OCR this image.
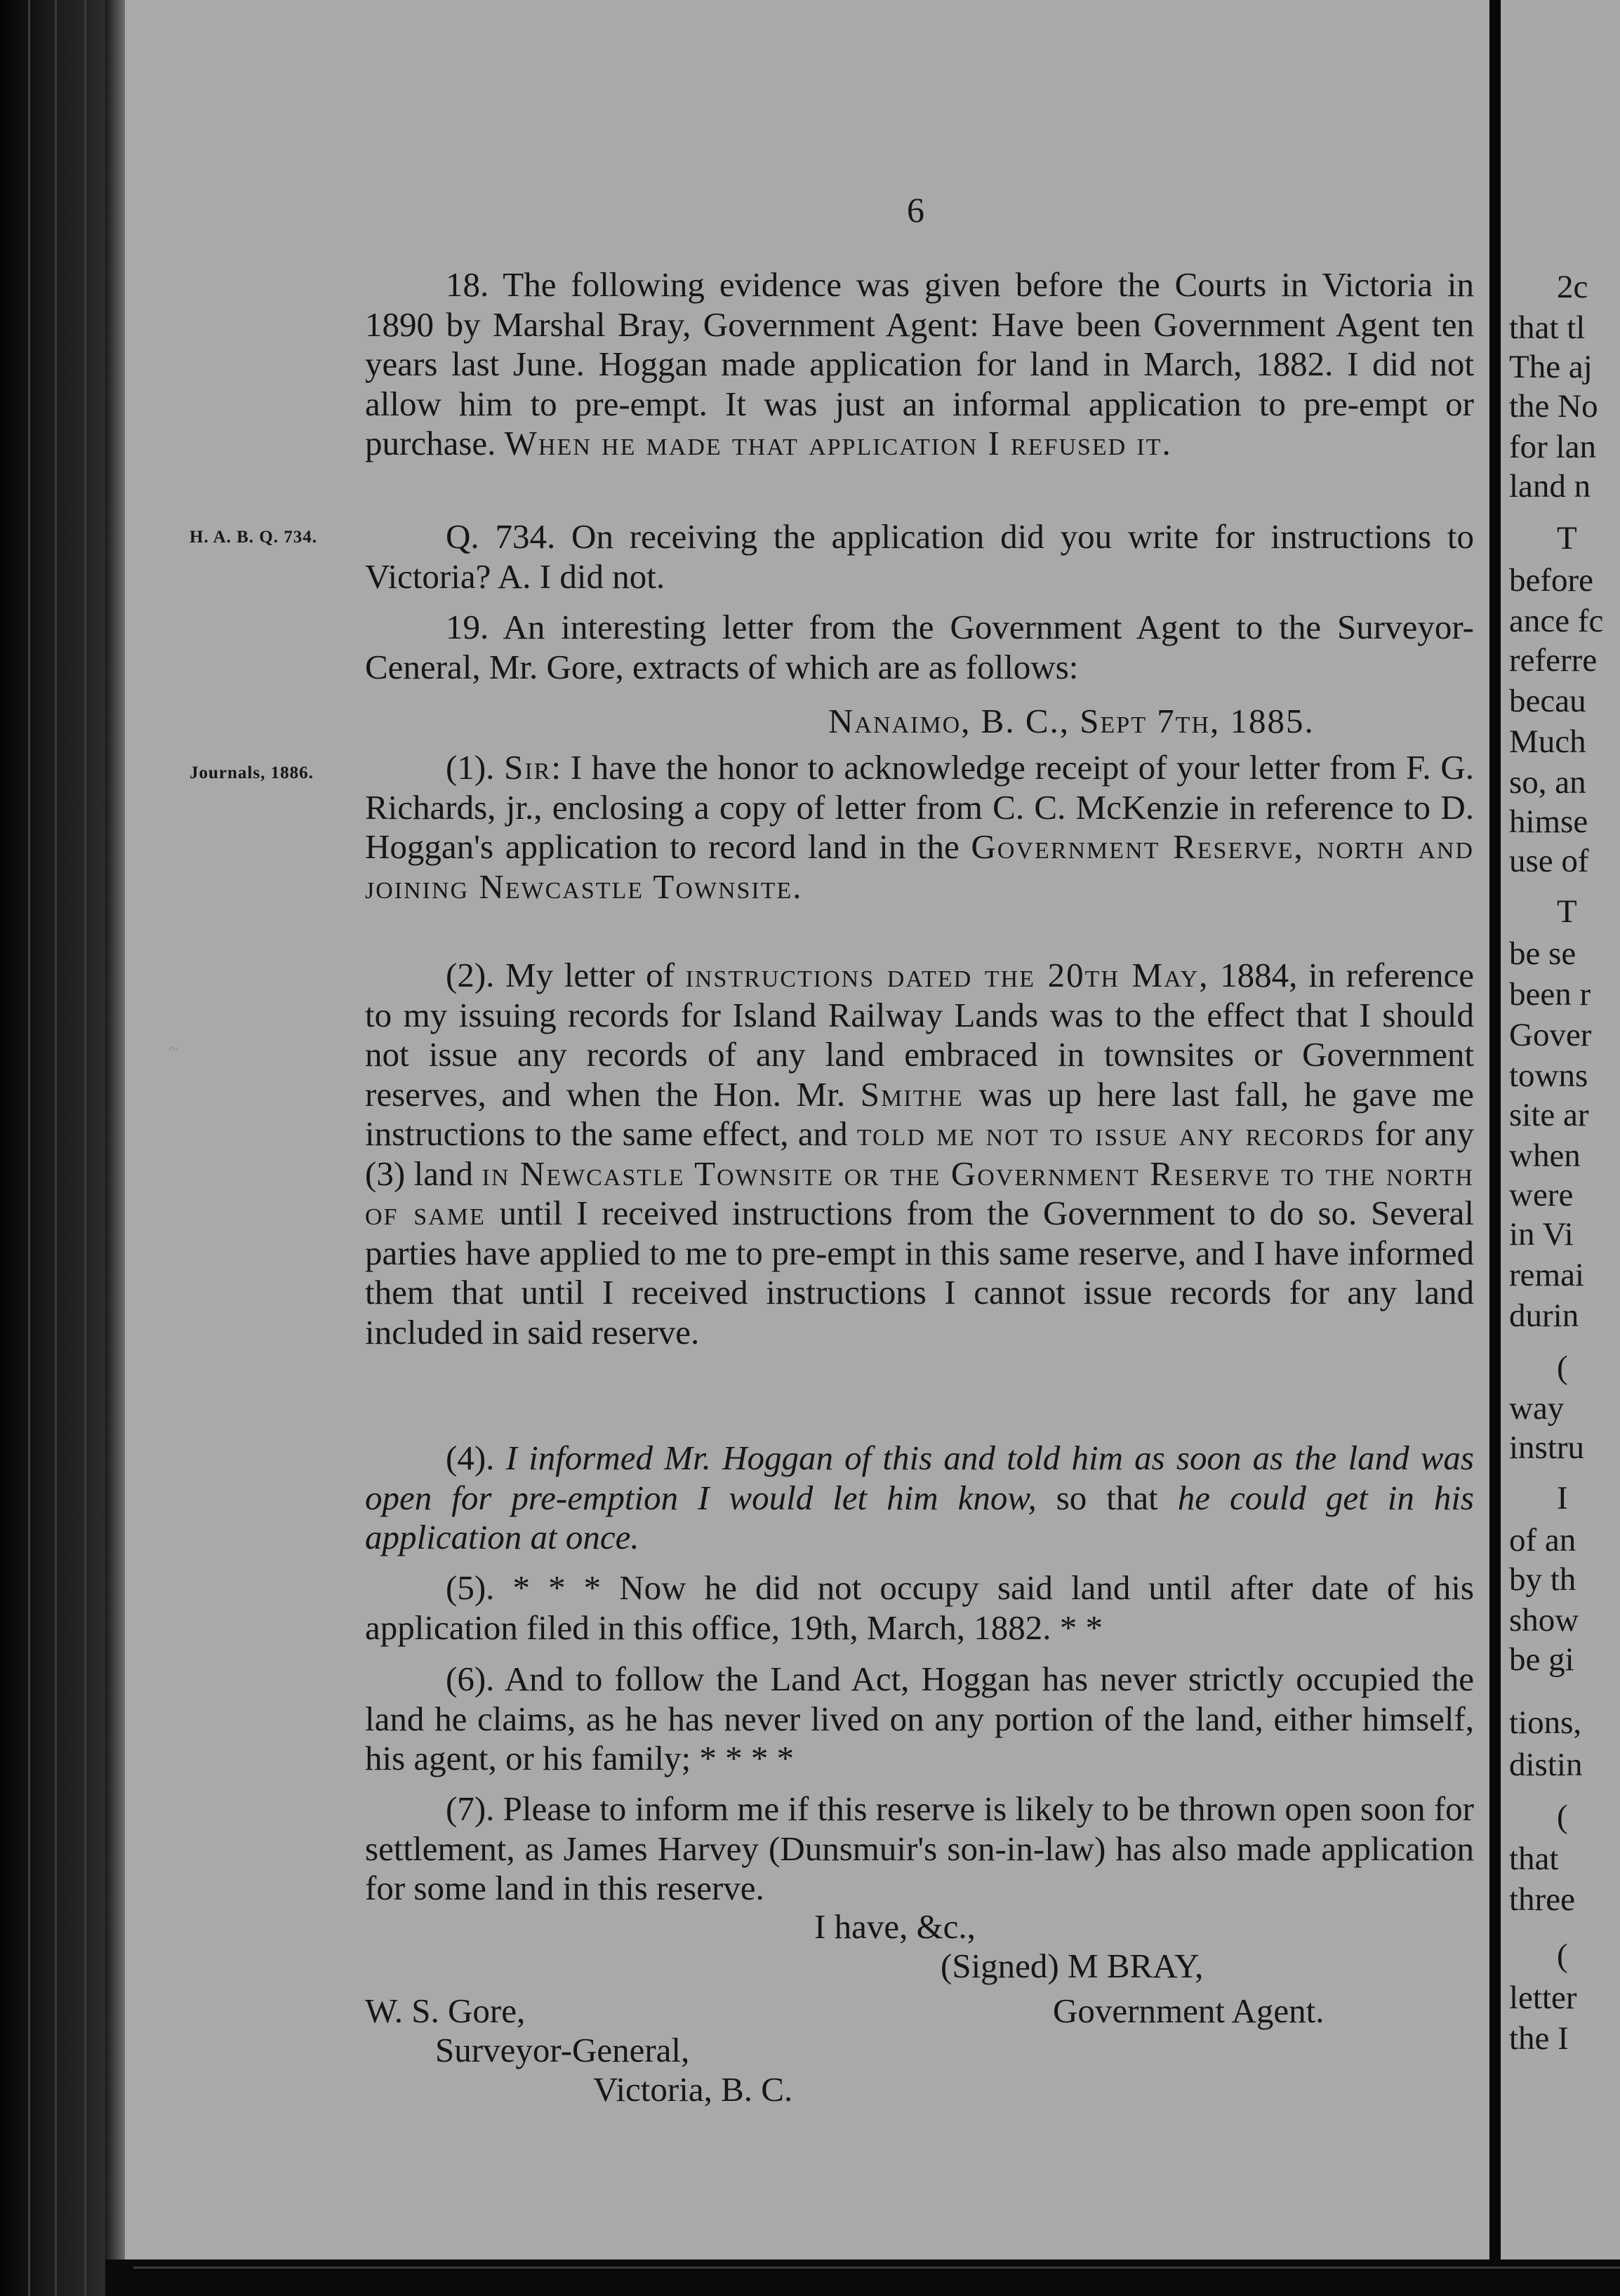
2c
that tl
The aj
the No
for lan
land n
T
before
ance fc
referre
becau
Much
so, an
himse
use of
T
be se
been r
Gover
towns
site ar
when
were
in Vi
remai
durin
(
way
instru
I
of an
by th
show
be gi
tions,
distin
(
that
three
(
letter
the I
~
6
H. A. B. Q. 734.
Journals, 1886.

18. The following evidence was given before the Courts in Victoria in 1890 by Marshal Bray, Government Agent: Have been Government Agent ten years last June. Hoggan made application for land in March, 1882. I did not allow him to pre-empt. It was just an informal application to pre-empt or purchase. When he made that application I refused it.

Q. 734. On receiving the application did you write for instructions to Victoria? A. I did not.

19. An interesting letter from the Government Agent to the Surveyor-Ceneral, Mr. Gore, extracts of which are as follows:

Nanaimo, B. C., Sept 7th, 1885.

(1). Sir: I have the honor to acknowledge receipt of your letter from F. G. Richards, jr., enclosing a copy of letter from C. C. McKenzie in reference to D. Hoggan's application to record land in the Government Reserve, north and joining Newcastle Townsite.

(2). My letter of instructions dated the 20th May, 1884, in reference to my issuing records for Island Railway Lands was to the effect that I should not issue any records of any land embraced in townsites or Government reserves, and when the Hon. Mr. Smithe was up here last fall, he gave me instructions to the same effect, and told me not to issue any records for any (3) land in Newcastle Townsite or the Government Reserve to the north of same until I received instructions from the Government to do so. Several parties have applied to me to pre-empt in this same reserve, and I have informed them that until I received instructions I cannot issue records for any land included in said reserve.

(4). I informed Mr. Hoggan of this and told him as soon as the land was open for pre-emption I would let him know, so that he could get in his application at once.

(5). * * * Now he did not occupy said land until after date of his application filed in this office, 19th, March, 1882. * *

(6). And to follow the Land Act, Hoggan has never strictly occupied the land he claims, as he has never lived on any portion of the land, either himself, his agent, or his family; * * * *

(7). Please to inform me if this reserve is likely to be thrown open soon for settlement, as James Harvey (Dunsmuir's son-in-law) has also made application for some land in this reserve.

I have, &c.,
(Signed) M BRAY,
Government Agent.
W. S. Gore,
Surveyor-General,
Victoria, B. C.
